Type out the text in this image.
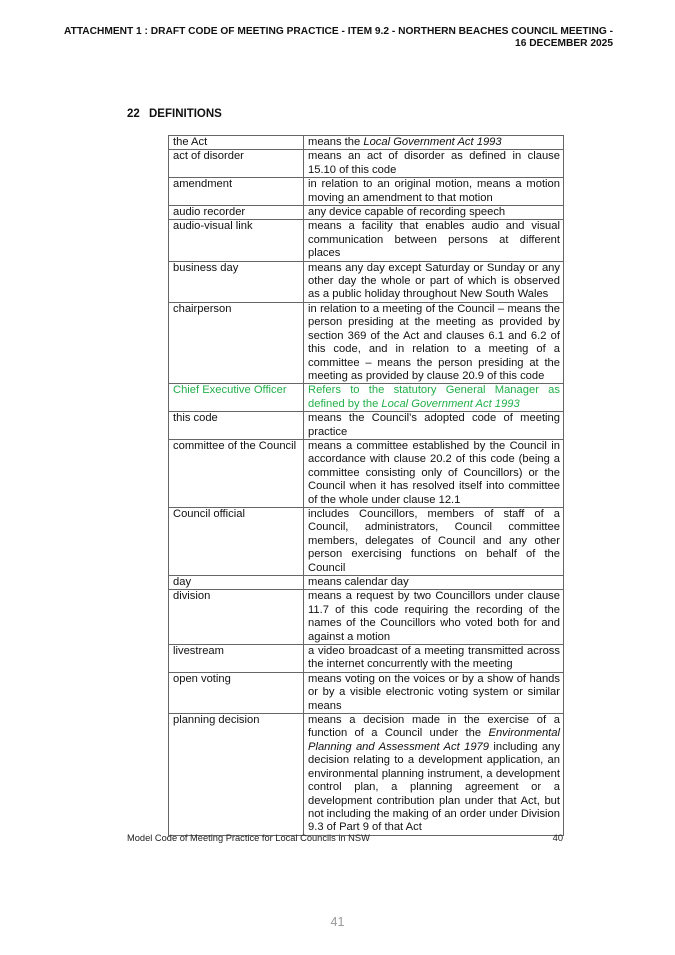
ATTACHMENT 1 : DRAFT CODE OF MEETING PRACTICE - ITEM 9.2 - NORTHERN BEACHES COUNCIL MEETING -
16 DECEMBER 2025
22 DEFINITIONS
the Act	means the Local Government Act 1993
act of disorder	means an act of disorder as defined in clause 15.10 of this code
amendment	in relation to an original motion, means a motion moving an amendment to that motion
audio recorder	any device capable of recording speech
audio-visual link	means a facility that enables audio and visual communication between persons at different places
business day	means any day except Saturday or Sunday or any other day the whole or part of which is observed as a public holiday throughout New South Wales
chairperson	in relation to a meeting of the Council – means the person presiding at the meeting as provided by section 369 of the Act and clauses 6.1 and 6.2 of this code, and in relation to a meeting of a committee – means the person presiding at the meeting as provided by clause 20.9 of this code
Chief Executive Officer	Refers to the statutory General Manager as defined by the Local Government Act 1993
this code	means the Council’s adopted code of meeting practice
committee of the Council	means a committee established by the Council in accordance with clause 20.2 of this code (being a committee consisting only of Councillors) or the Council when it has resolved itself into committee of the whole under clause 12.1
Council official	includes Councillors, members of staff of a Council, administrators, Council committee members, delegates of Council and any other person exercising functions on behalf of the Council
day	means calendar day
division	means a request by two Councillors under clause 11.7 of this code requiring the recording of the names of the Councillors who voted both for and against a motion
livestream	a video broadcast of a meeting transmitted across the internet concurrently with the meeting
open voting	means voting on the voices or by a show of hands or by a visible electronic voting system or similar means
planning decision	means a decision made in the exercise of a function of a Council under the Environmental Planning and Assessment Act 1979 including any decision relating to a development application, an environmental planning instrument, a development control plan, a planning agreement or a development contribution plan under that Act, but not including the making of an order under Division 9.3 of Part 9 of that Act
Model Code of Meeting Practice for Local Councils in NSW	40
41
